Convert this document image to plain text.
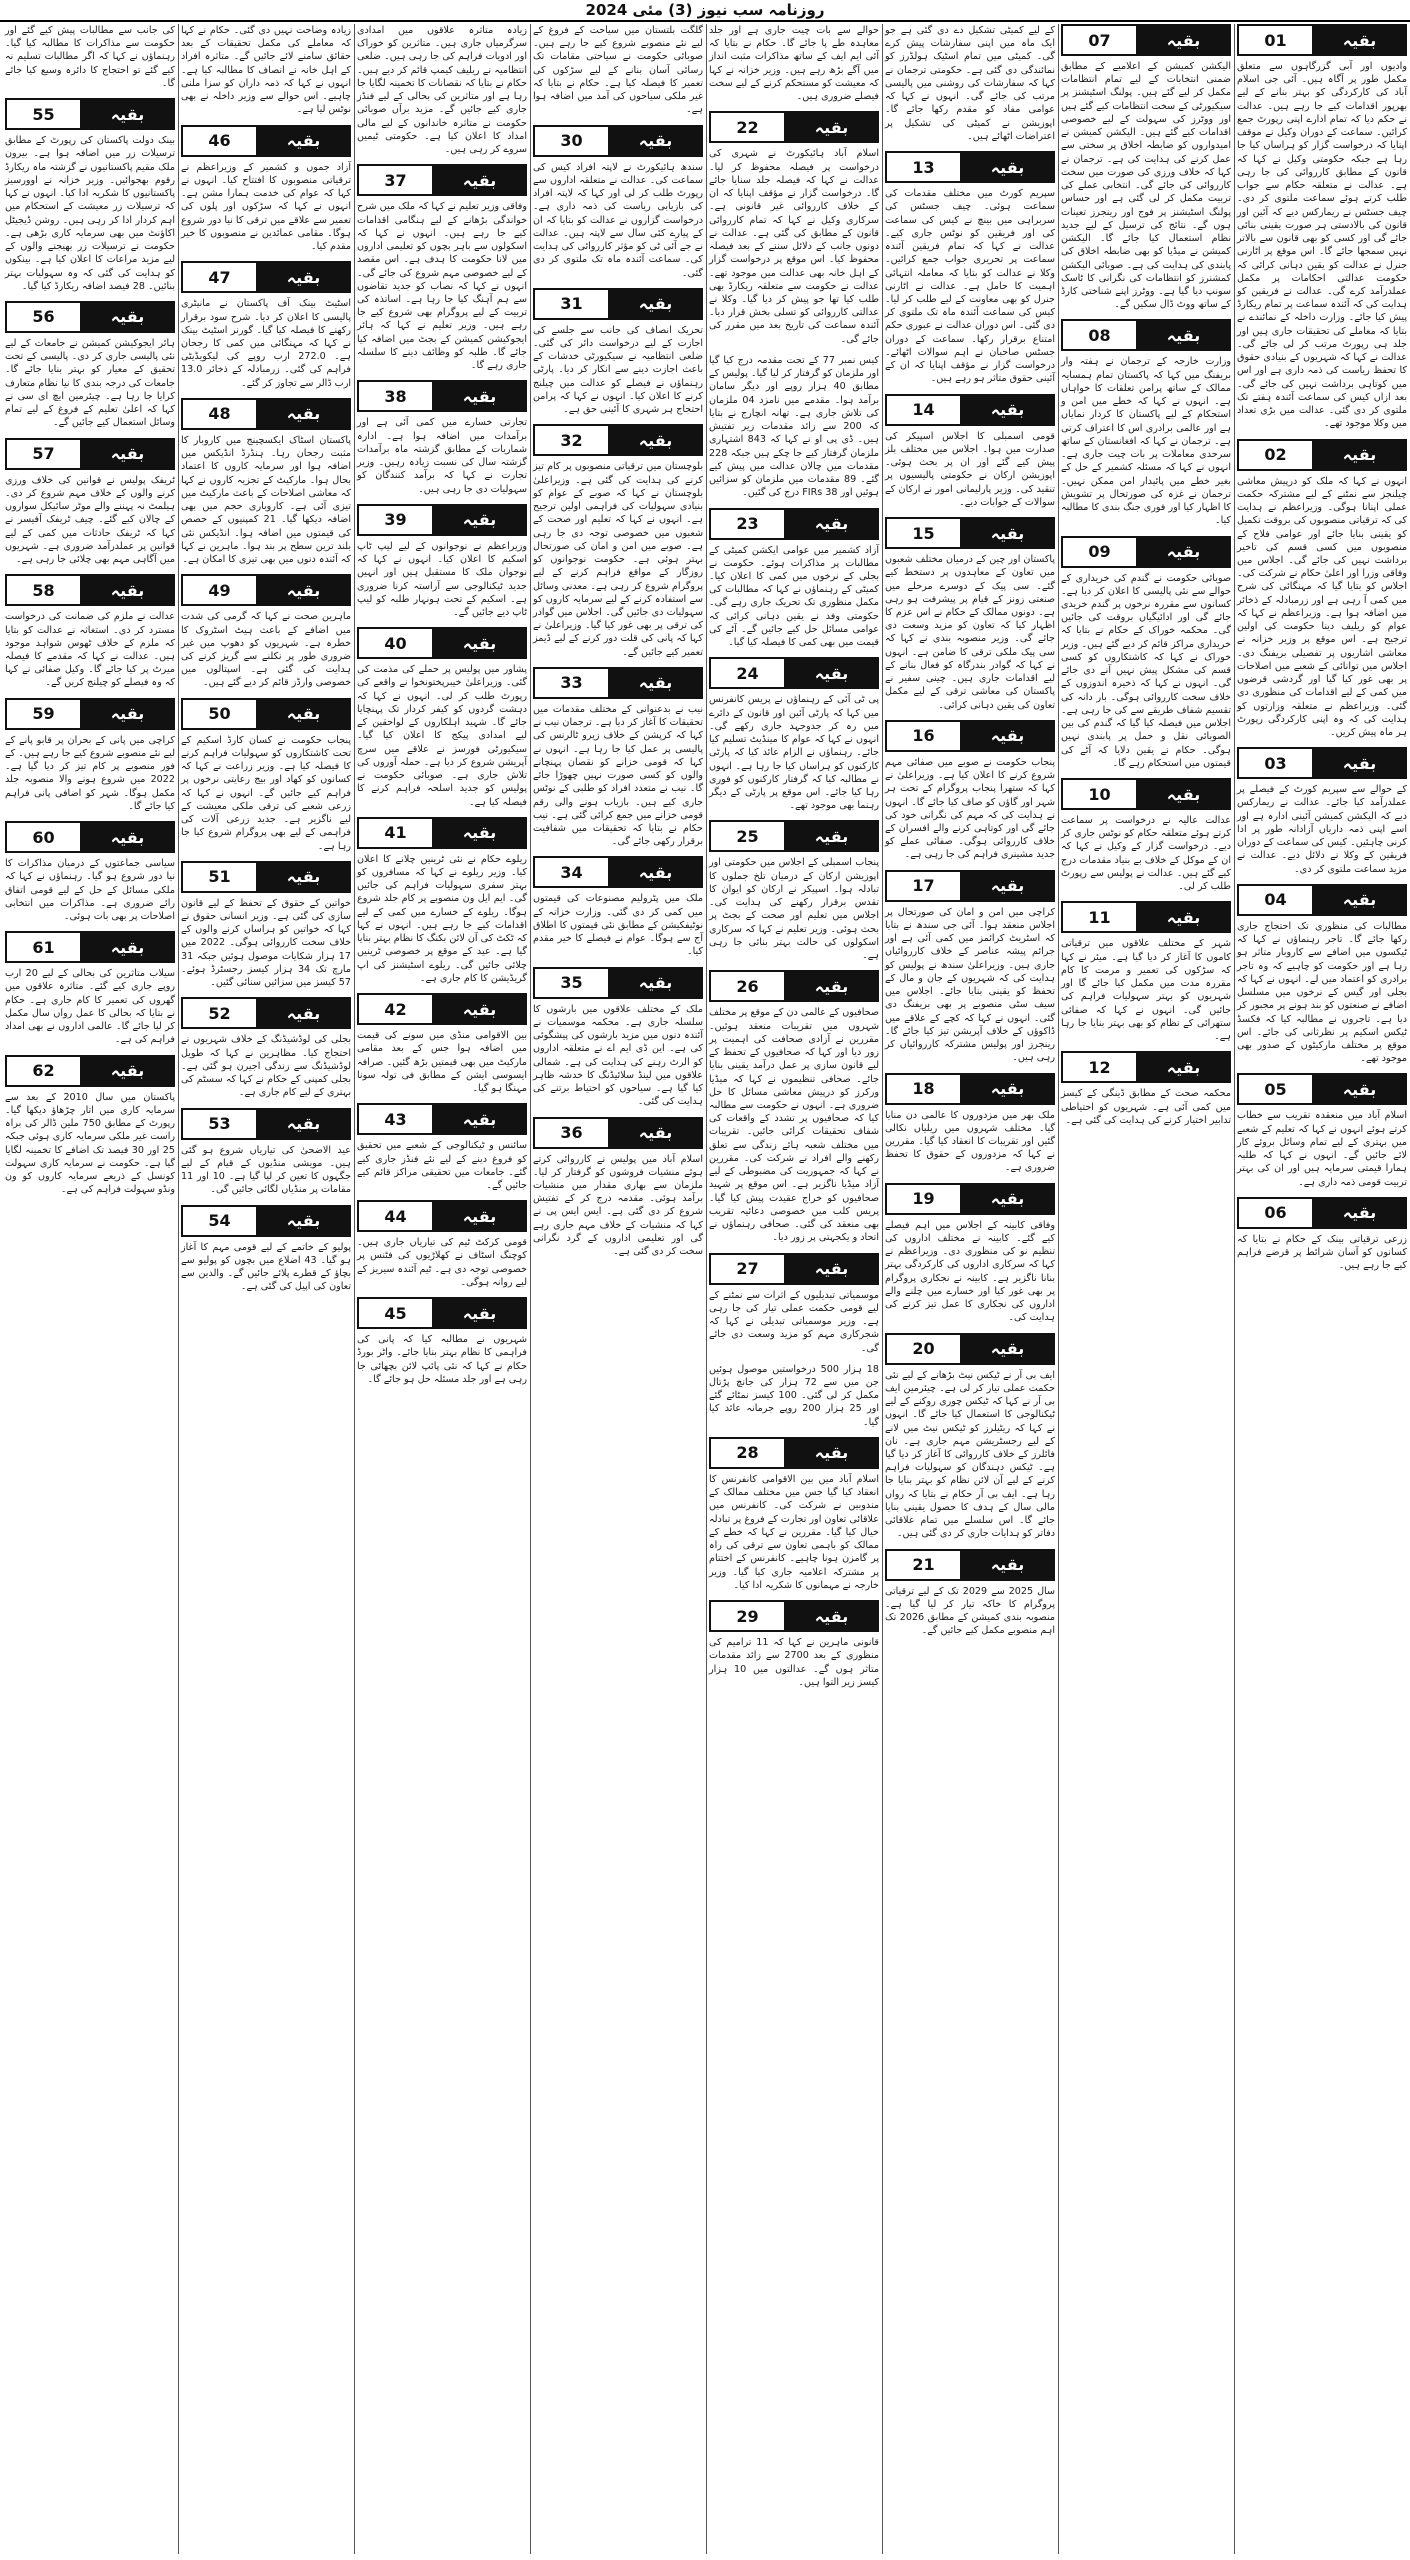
روزنامہ سب نیوز (3) مئی 2024
01	بقیہ
وادیوں اور آبی گزرگاہوں سے متعلق مکمل طور پر آگاہ ہیں۔ آئی جی اسلام آباد کی کارکردگی کو بہتر بنانے کے لیے بھرپور اقدامات کیے جا رہے ہیں۔ عدالت نے حکم دیا کہ تمام ادارے اپنی رپورٹ جمع کرائیں۔ سماعت کے دوران وکیل نے موقف اپنایا کہ درخواست گزار کو ہراساں کیا جا رہا ہے جبکہ حکومتی وکیل نے کہا کہ قانون کے مطابق کارروائی کی جا رہی ہے۔ عدالت نے متعلقہ حکام سے جواب طلب کرتے ہوئے سماعت ملتوی کر دی۔ چیف جسٹس نے ریمارکس دیے کہ آئین اور قانون کی بالادستی ہر صورت یقینی بنائی جائے گی اور کسی کو بھی قانون سے بالاتر نہیں سمجھا جائے گا۔ اس موقع پر اٹارنی جنرل نے عدالت کو یقین دہانی کرائی کہ حکومت عدالتی احکامات پر مکمل عملدرآمد کرے گی۔ عدالت نے فریقین کو ہدایت کی کہ آئندہ سماعت پر تمام ریکارڈ پیش کیا جائے۔ وزارت داخلہ کے نمائندے نے بتایا کہ معاملے کی تحقیقات جاری ہیں اور جلد ہی رپورٹ مرتب کر لی جائے گی۔ عدالت نے کہا کہ شہریوں کے بنیادی حقوق کا تحفظ ریاست کی ذمہ داری ہے اور اس میں کوتاہی برداشت نہیں کی جائے گی۔ بعد ازاں کیس کی سماعت آئندہ ہفتے تک ملتوی کر دی گئی۔ عدالت میں بڑی تعداد میں وکلا موجود تھے۔
02	بقیہ
انہوں نے کہا کہ ملک کو درپیش معاشی چیلنجز سے نمٹنے کے لیے مشترکہ حکمت عملی اپنانا ہوگی۔ وزیراعظم نے ہدایت کی کہ ترقیاتی منصوبوں کی بروقت تکمیل کو یقینی بنایا جائے اور عوامی فلاح کے منصوبوں میں کسی قسم کی تاخیر برداشت نہیں کی جائے گی۔ اجلاس میں وفاقی وزرا اور اعلیٰ حکام نے شرکت کی۔ اجلاس کو بتایا گیا کہ مہنگائی کی شرح میں کمی آ رہی ہے اور زرمبادلہ کے ذخائر میں اضافہ ہوا ہے۔ وزیراعظم نے کہا کہ عوام کو ریلیف دینا حکومت کی اولین ترجیح ہے۔ اس موقع پر وزیر خزانہ نے معاشی اشاریوں پر تفصیلی بریفنگ دی۔ اجلاس میں توانائی کے شعبے میں اصلاحات پر بھی غور کیا گیا اور گردشی قرضوں میں کمی کے لیے اقدامات کی منظوری دی گئی۔ وزیراعظم نے متعلقہ وزارتوں کو ہدایت کی کہ وہ اپنی کارکردگی رپورٹ ہر ماہ پیش کریں۔
03	بقیہ
کے حوالے سے سپریم کورٹ کے فیصلے پر عملدرآمد کیا جائے۔ عدالت نے ریمارکس دیے کہ الیکشن کمیشن آئینی ادارہ ہے اور اسے اپنی ذمہ داریاں آزادانہ طور پر ادا کرنی چاہئیں۔ کیس کی سماعت کے دوران فریقین کے وکلا نے دلائل دیے۔ عدالت نے مزید سماعت ملتوی کر دی۔
04	بقیہ
مطالبات کی منظوری تک احتجاج جاری رکھا جائے گا۔ تاجر رہنماؤں نے کہا کہ ٹیکسوں میں اضافے سے کاروبار متاثر ہو رہا ہے اور حکومت کو چاہیے کہ وہ تاجر برادری کو اعتماد میں لے۔ انہوں نے کہا کہ بجلی اور گیس کے نرخوں میں مسلسل اضافے نے صنعتوں کو بند ہونے پر مجبور کر دیا ہے۔ تاجروں نے مطالبہ کیا کہ فکسڈ ٹیکس اسکیم پر نظرثانی کی جائے۔ اس موقع پر مختلف مارکیٹوں کے صدور بھی موجود تھے۔
05	بقیہ
اسلام آباد میں منعقدہ تقریب سے خطاب کرتے ہوئے انہوں نے کہا کہ تعلیم کے شعبے میں بہتری کے لیے تمام وسائل بروئے کار لائے جائیں گے۔ انہوں نے کہا کہ طلبہ ہمارا قیمتی سرمایہ ہیں اور ان کی بہتر تربیت قومی ذمہ داری ہے۔
06	بقیہ
زرعی ترقیاتی بینک کے حکام نے بتایا کہ کسانوں کو آسان شرائط پر قرضے فراہم کیے جا رہے ہیں۔
07	بقیہ
الیکشن کمیشن کے اعلامیے کے مطابق ضمنی انتخابات کے لیے تمام انتظامات مکمل کر لیے گئے ہیں۔ پولنگ اسٹیشنز پر سیکیورٹی کے سخت انتظامات کیے گئے ہیں اور ووٹرز کی سہولت کے لیے خصوصی اقدامات کیے گئے ہیں۔ الیکشن کمیشن نے امیدواروں کو ضابطہ اخلاق پر سختی سے عمل کرنے کی ہدایت کی ہے۔ ترجمان نے کہا کہ خلاف ورزی کی صورت میں سخت کارروائی کی جائے گی۔ انتخابی عملے کی تربیت مکمل کر لی گئی ہے اور حساس پولنگ اسٹیشنز پر فوج اور رینجرز تعینات ہوں گے۔ نتائج کی ترسیل کے لیے جدید نظام استعمال کیا جائے گا۔ الیکشن کمیشن نے میڈیا کو بھی ضابطہ اخلاق کی پابندی کی ہدایت کی ہے۔ صوبائی الیکشن کمشنرز کو انتظامات کی نگرانی کا ٹاسک سونپ دیا گیا ہے۔ ووٹرز اپنے شناختی کارڈ کے ساتھ ووٹ ڈال سکیں گے۔
08	بقیہ
وزارت خارجہ کے ترجمان نے ہفتہ وار بریفنگ میں کہا کہ پاکستان تمام ہمسایہ ممالک کے ساتھ پرامن تعلقات کا خواہاں ہے۔ انہوں نے کہا کہ خطے میں امن و استحکام کے لیے پاکستان کا کردار نمایاں ہے اور عالمی برادری اس کا اعتراف کرتی ہے۔ ترجمان نے کہا کہ افغانستان کے ساتھ سرحدی معاملات پر بات چیت جاری ہے۔ انہوں نے کہا کہ مسئلہ کشمیر کے حل کے بغیر خطے میں پائیدار امن ممکن نہیں۔ ترجمان نے غزہ کی صورتحال پر تشویش کا اظہار کیا اور فوری جنگ بندی کا مطالبہ کیا۔
09	بقیہ
صوبائی حکومت نے گندم کی خریداری کے حوالے سے نئی پالیسی کا اعلان کر دیا ہے۔ کسانوں سے مقررہ نرخوں پر گندم خریدی جائے گی اور ادائیگیاں بروقت کی جائیں گی۔ محکمہ خوراک کے حکام نے بتایا کہ خریداری مراکز قائم کر دیے گئے ہیں۔ وزیر خوراک نے کہا کہ کاشتکاروں کو کسی قسم کی مشکل پیش نہیں آنے دی جائے گی۔ انہوں نے کہا کہ ذخیرہ اندوزوں کے خلاف سخت کارروائی ہوگی۔ بار دانہ کی تقسیم شفاف طریقے سے کی جا رہی ہے۔ اجلاس میں فیصلہ کیا گیا کہ گندم کی بین الصوبائی نقل و حمل پر پابندی نہیں ہوگی۔ حکام نے یقین دلایا کہ آٹے کی قیمتوں میں استحکام رہے گا۔
10	بقیہ
عدالت عالیہ نے درخواست پر سماعت کرتے ہوئے متعلقہ حکام کو نوٹس جاری کر دیے۔ درخواست گزار کے وکیل نے کہا کہ ان کے موکل کے خلاف بے بنیاد مقدمات درج کیے گئے ہیں۔ عدالت نے پولیس سے رپورٹ طلب کر لی۔
11	بقیہ
شہر کے مختلف علاقوں میں ترقیاتی کاموں کا آغاز کر دیا گیا ہے۔ میئر نے کہا کہ سڑکوں کی تعمیر و مرمت کا کام مقررہ مدت میں مکمل کیا جائے گا اور شہریوں کو بہتر سہولیات فراہم کی جائیں گی۔ انہوں نے کہا کہ صفائی ستھرائی کے نظام کو بھی بہتر بنایا جا رہا ہے۔
12	بقیہ
محکمہ صحت کے مطابق ڈینگی کے کیسز میں کمی آئی ہے۔ شہریوں کو احتیاطی تدابیر اختیار کرنے کی ہدایت کی گئی ہے۔
کے لیے کمیٹی تشکیل دے دی گئی ہے جو ایک ماہ میں اپنی سفارشات پیش کرے گی۔ کمیٹی میں تمام اسٹیک ہولڈرز کو نمائندگی دی گئی ہے۔ حکومتی ترجمان نے کہا کہ سفارشات کی روشنی میں پالیسی مرتب کی جائے گی۔ انہوں نے کہا کہ عوامی مفاد کو مقدم رکھا جائے گا۔ اپوزیشن نے کمیٹی کی تشکیل پر اعتراضات اٹھائے ہیں۔
13	بقیہ
سپریم کورٹ میں مختلف مقدمات کی سماعت ہوئی۔ چیف جسٹس کی سربراہی میں بینچ نے کیس کی سماعت کی اور فریقین کو نوٹس جاری کیے۔ عدالت نے کہا کہ تمام فریقین آئندہ سماعت پر تحریری جواب جمع کرائیں۔ وکلا نے عدالت کو بتایا کہ معاملہ انتہائی اہمیت کا حامل ہے۔ عدالت نے اٹارنی جنرل کو بھی معاونت کے لیے طلب کر لیا۔ کیس کی سماعت آئندہ ماہ تک ملتوی کر دی گئی۔ اس دوران عدالت نے عبوری حکم امتناع برقرار رکھا۔ سماعت کے دوران جسٹس صاحبان نے اہم سوالات اٹھائے۔ درخواست گزار نے مؤقف اپنایا کہ ان کے آئینی حقوق متاثر ہو رہے ہیں۔
14	بقیہ
قومی اسمبلی کا اجلاس اسپیکر کی صدارت میں ہوا۔ اجلاس میں مختلف بلز پیش کیے گئے اور ان پر بحث ہوئی۔ اپوزیشن ارکان نے حکومتی پالیسیوں پر تنقید کی۔ وزیر پارلیمانی امور نے ارکان کے سوالات کے جوابات دیے۔
15	بقیہ
پاکستان اور چین کے درمیان مختلف شعبوں میں تعاون کے معاہدوں پر دستخط کیے گئے۔ سی پیک کے دوسرے مرحلے میں صنعتی زونز کے قیام پر پیشرفت ہو رہی ہے۔ دونوں ممالک کے حکام نے اس عزم کا اظہار کیا کہ تعاون کو مزید وسعت دی جائے گی۔ وزیر منصوبہ بندی نے کہا کہ سی پیک ملکی ترقی کا ضامن ہے۔ انہوں نے کہا کہ گوادر بندرگاہ کو فعال بنانے کے لیے اقدامات جاری ہیں۔ چینی سفیر نے پاکستان کی معاشی ترقی کے لیے مکمل تعاون کی یقین دہانی کرائی۔
16	بقیہ
پنجاب حکومت نے صوبے میں صفائی مہم شروع کرنے کا اعلان کیا ہے۔ وزیراعلیٰ نے کہا کہ ستھرا پنجاب پروگرام کے تحت ہر شہر اور گاؤں کو صاف کیا جائے گا۔ انہوں نے ہدایت کی کہ مہم کی نگرانی خود کی جائے گی اور کوتاہی کرنے والے افسران کے خلاف کارروائی ہوگی۔ صفائی عملے کو جدید مشینری فراہم کی جا رہی ہے۔
17	بقیہ
کراچی میں امن و امان کی صورتحال پر اجلاس منعقد ہوا۔ آئی جی سندھ نے بتایا کہ اسٹریٹ کرائمز میں کمی آئی ہے اور جرائم پیشہ عناصر کے خلاف کارروائیاں جاری ہیں۔ وزیراعلیٰ سندھ نے پولیس کو ہدایت کی کہ شہریوں کے جان و مال کے تحفظ کو یقینی بنایا جائے۔ اجلاس میں سیف سٹی منصوبے پر بھی بریفنگ دی گئی۔ انہوں نے کہا کہ کچے کے علاقے میں ڈاکوؤں کے خلاف آپریشن تیز کیا جائے گا۔ رینجرز اور پولیس مشترکہ کارروائیاں کر رہی ہیں۔
18	بقیہ
ملک بھر میں مزدوروں کا عالمی دن منایا گیا۔ مختلف شہروں میں ریلیاں نکالی گئیں اور تقریبات کا انعقاد کیا گیا۔ مقررین نے کہا کہ مزدوروں کے حقوق کا تحفظ ضروری ہے۔
19	بقیہ
وفاقی کابینہ کے اجلاس میں اہم فیصلے کیے گئے۔ کابینہ نے مختلف اداروں کی تنظیم نو کی منظوری دی۔ وزیراعظم نے کہا کہ سرکاری اداروں کی کارکردگی بہتر بنانا ناگزیر ہے۔ کابینہ نے نجکاری پروگرام پر بھی غور کیا اور خسارے میں چلنے والے اداروں کی نجکاری کا عمل تیز کرنے کی ہدایت کی۔
20	بقیہ
ایف بی آر نے ٹیکس نیٹ بڑھانے کے لیے نئی حکمت عملی تیار کر لی ہے۔ چیئرمین ایف بی آر نے کہا کہ ٹیکس چوری روکنے کے لیے ٹیکنالوجی کا استعمال کیا جائے گا۔ انہوں نے کہا کہ ریٹیلرز کو ٹیکس نیٹ میں لانے کے لیے رجسٹریشن مہم جاری ہے۔ نان فائلرز کے خلاف کارروائی کا آغاز کر دیا گیا ہے۔ ٹیکس دہندگان کو سہولیات فراہم کرنے کے لیے آن لائن نظام کو بہتر بنایا جا رہا ہے۔ ایف بی آر حکام نے بتایا کہ رواں مالی سال کے ہدف کا حصول یقینی بنایا جائے گا۔ اس سلسلے میں تمام علاقائی دفاتر کو ہدایات جاری کر دی گئی ہیں۔
21	بقیہ
سال 2025 سے 2029 تک کے لیے ترقیاتی پروگرام کا خاکہ تیار کر لیا گیا ہے۔ منصوبہ بندی کمیشن کے مطابق 2026 تک اہم منصوبے مکمل کیے جائیں گے۔
حوالے سے بات چیت جاری ہے اور جلد معاہدہ طے پا جائے گا۔ حکام نے بتایا کہ آئی ایم ایف کے ساتھ مذاکرات مثبت انداز میں آگے بڑھ رہے ہیں۔ وزیر خزانہ نے کہا کہ معیشت کو مستحکم کرنے کے لیے سخت فیصلے ضروری ہیں۔
22	بقیہ
اسلام آباد ہائیکورٹ نے شہری کی درخواست پر فیصلہ محفوظ کر لیا۔ عدالت نے کہا کہ فیصلہ جلد سنایا جائے گا۔ درخواست گزار نے مؤقف اپنایا کہ ان کے خلاف کارروائی غیر قانونی ہے۔ سرکاری وکیل نے کہا کہ تمام کارروائی قانون کے مطابق کی گئی ہے۔ عدالت نے دونوں جانب کے دلائل سننے کے بعد فیصلہ محفوظ کیا۔ اس موقع پر درخواست گزار کے اہل خانہ بھی عدالت میں موجود تھے۔ عدالت نے حکومت سے متعلقہ ریکارڈ بھی طلب کیا تھا جو پیش کر دیا گیا۔ وکلا نے عدالتی کارروائی کو تسلی بخش قرار دیا۔ آئندہ سماعت کی تاریخ بعد میں مقرر کی جائے گی۔
کیس نمبر 77 کے تحت مقدمہ درج کیا گیا اور ملزمان کو گرفتار کر لیا گیا۔ پولیس کے مطابق 40 ہزار روپے اور دیگر سامان برآمد ہوا۔ مقدمے میں نامزد 04 ملزمان کی تلاش جاری ہے۔ تھانہ انچارج نے بتایا کہ 200 سے زائد مقدمات زیر تفتیش ہیں۔ ڈی پی او نے کہا کہ 843 اشتہاری ملزمان گرفتار کیے جا چکے ہیں جبکہ 228 مقدمات میں چالان عدالت میں پیش کیے گئے۔ 89 مقدمات میں ملزمان کو سزائیں ہوئیں اور 38 FIRs درج کی گئیں۔
23	بقیہ
آزاد کشمیر میں عوامی ایکشن کمیٹی کے مطالبات پر مذاکرات ہوئے۔ حکومت نے بجلی کے نرخوں میں کمی کا اعلان کیا۔ کمیٹی کے رہنماؤں نے کہا کہ مطالبات کی مکمل منظوری تک تحریک جاری رہے گی۔ حکومتی وفد نے یقین دہانی کرائی کہ عوامی مسائل حل کیے جائیں گے۔ آٹے کی قیمت میں بھی کمی کا فیصلہ کیا گیا۔
24	بقیہ
پی ٹی آئی کے رہنماؤں نے پریس کانفرنس میں کہا کہ پارٹی آئین اور قانون کے دائرے میں رہ کر جدوجہد جاری رکھے گی۔ انہوں نے کہا کہ عوام کا مینڈیٹ تسلیم کیا جائے۔ رہنماؤں نے الزام عائد کیا کہ پارٹی کارکنوں کو ہراساں کیا جا رہا ہے۔ انہوں نے مطالبہ کیا کہ گرفتار کارکنوں کو فوری رہا کیا جائے۔ اس موقع پر پارٹی کے دیگر رہنما بھی موجود تھے۔
25	بقیہ
پنجاب اسمبلی کے اجلاس میں حکومتی اور اپوزیشن ارکان کے درمیان تلخ جملوں کا تبادلہ ہوا۔ اسپیکر نے ارکان کو ایوان کا تقدس برقرار رکھنے کی ہدایت کی۔ اجلاس میں تعلیم اور صحت کے بجٹ پر بحث ہوئی۔ وزیر تعلیم نے کہا کہ سرکاری اسکولوں کی حالت بہتر بنائی جا رہی ہے۔
26	بقیہ
صحافیوں کے عالمی دن کے موقع پر مختلف شہروں میں تقریبات منعقد ہوئیں۔ مقررین نے آزادی صحافت کی اہمیت پر زور دیا اور کہا کہ صحافیوں کے تحفظ کے لیے قانون سازی پر عمل درآمد یقینی بنایا جائے۔ صحافی تنظیموں نے کہا کہ میڈیا ورکرز کو درپیش معاشی مسائل کا حل ضروری ہے۔ انہوں نے حکومت سے مطالبہ کیا کہ صحافیوں پر تشدد کے واقعات کی شفاف تحقیقات کرائی جائیں۔ تقریبات میں مختلف شعبہ ہائے زندگی سے تعلق رکھنے والے افراد نے شرکت کی۔ مقررین نے کہا کہ جمہوریت کی مضبوطی کے لیے آزاد میڈیا ناگزیر ہے۔ اس موقع پر شہید صحافیوں کو خراج عقیدت پیش کیا گیا۔ پریس کلب میں خصوصی دعائیہ تقریب بھی منعقد کی گئی۔ صحافی رہنماؤں نے اتحاد و یکجہتی پر زور دیا۔
27	بقیہ
موسمیاتی تبدیلیوں کے اثرات سے نمٹنے کے لیے قومی حکمت عملی تیار کی جا رہی ہے۔ وزیر موسمیاتی تبدیلی نے کہا کہ شجرکاری مہم کو مزید وسعت دی جائے گی۔
18 ہزار 500 درخواستیں موصول ہوئیں جن میں سے 72 ہزار کی جانچ پڑتال مکمل کر لی گئی۔ 100 کیسز نمٹائے گئے اور 25 ہزار 200 روپے جرمانہ عائد کیا گیا۔
28	بقیہ
اسلام آباد میں بین الاقوامی کانفرنس کا انعقاد کیا گیا جس میں مختلف ممالک کے مندوبین نے شرکت کی۔ کانفرنس میں علاقائی تعاون اور تجارت کے فروغ پر تبادلہ خیال کیا گیا۔ مقررین نے کہا کہ خطے کے ممالک کو باہمی تعاون سے ترقی کی راہ پر گامزن ہونا چاہیے۔ کانفرنس کے اختتام پر مشترکہ اعلامیہ جاری کیا گیا۔ وزیر خارجہ نے مہمانوں کا شکریہ ادا کیا۔
29	بقیہ
قانونی ماہرین نے کہا کہ 11 ترامیم کی منظوری کے بعد 2700 سے زائد مقدمات متاثر ہوں گے۔ عدالتوں میں 10 ہزار کیسز زیر التوا ہیں۔
گلگت بلتستان میں سیاحت کے فروغ کے لیے نئے منصوبے شروع کیے جا رہے ہیں۔ صوبائی حکومت نے سیاحتی مقامات تک رسائی آسان بنانے کے لیے سڑکوں کی تعمیر کا فیصلہ کیا ہے۔ حکام نے بتایا کہ غیر ملکی سیاحوں کی آمد میں اضافہ ہوا ہے۔
30	بقیہ
سندھ ہائیکورٹ نے لاپتہ افراد کیس کی سماعت کی۔ عدالت نے متعلقہ اداروں سے رپورٹ طلب کر لی اور کہا کہ لاپتہ افراد کی بازیابی ریاست کی ذمہ داری ہے۔ درخواست گزاروں نے عدالت کو بتایا کہ ان کے پیارے کئی سال سے لاپتہ ہیں۔ عدالت نے جے آئی ٹی کو مؤثر کارروائی کی ہدایت کی۔ سماعت آئندہ ماہ تک ملتوی کر دی گئی۔
31	بقیہ
تحریک انصاف کی جانب سے جلسے کی اجازت کے لیے درخواست دائر کی گئی۔ ضلعی انتظامیہ نے سیکیورٹی خدشات کے باعث اجازت دینے سے انکار کر دیا۔ پارٹی رہنماؤں نے فیصلے کو عدالت میں چیلنج کرنے کا اعلان کیا۔ انہوں نے کہا کہ پرامن احتجاج ہر شہری کا آئینی حق ہے۔
32	بقیہ
بلوچستان میں ترقیاتی منصوبوں پر کام تیز کرنے کی ہدایت کی گئی ہے۔ وزیراعلیٰ بلوچستان نے کہا کہ صوبے کے عوام کو بنیادی سہولیات کی فراہمی اولین ترجیح ہے۔ انہوں نے کہا کہ تعلیم اور صحت کے شعبوں میں خصوصی توجہ دی جا رہی ہے۔ صوبے میں امن و امان کی صورتحال بہتر ہوئی ہے۔ حکومت نوجوانوں کو روزگار کے مواقع فراہم کرنے کے لیے پروگرام شروع کر رہی ہے۔ معدنی وسائل سے استفادہ کرنے کے لیے سرمایہ کاروں کو سہولیات دی جائیں گی۔ اجلاس میں گوادر کی ترقی پر بھی غور کیا گیا۔ وزیراعلیٰ نے کہا کہ پانی کی قلت دور کرنے کے لیے ڈیمز تعمیر کیے جائیں گے۔
33	بقیہ
نیب نے بدعنوانی کے مختلف مقدمات میں تحقیقات کا آغاز کر دیا ہے۔ ترجمان نیب نے کہا کہ کرپشن کے خلاف زیرو ٹالرنس کی پالیسی پر عمل کیا جا رہا ہے۔ انہوں نے کہا کہ قومی خزانے کو نقصان پہنچانے والوں کو کسی صورت نہیں چھوڑا جائے گا۔ نیب نے متعدد افراد کو طلبی کے نوٹس جاری کیے ہیں۔ بازیاب ہونے والی رقم قومی خزانے میں جمع کرائی گئی ہے۔ نیب حکام نے بتایا کہ تحقیقات میں شفافیت برقرار رکھی جائے گی۔
34	بقیہ
ملک میں پٹرولیم مصنوعات کی قیمتوں میں کمی کر دی گئی۔ وزارت خزانہ کے نوٹیفکیشن کے مطابق نئی قیمتوں کا اطلاق آج سے ہوگا۔ عوام نے فیصلے کا خیر مقدم کیا۔
35	بقیہ
ملک کے مختلف علاقوں میں بارشوں کا سلسلہ جاری ہے۔ محکمہ موسمیات نے آئندہ دنوں میں مزید بارشوں کی پیشگوئی کی ہے۔ این ڈی ایم اے نے متعلقہ اداروں کو الرٹ رہنے کی ہدایت کی ہے۔ شمالی علاقوں میں لینڈ سلائیڈنگ کا خدشہ ظاہر کیا گیا ہے۔ سیاحوں کو احتیاط برتنے کی ہدایت کی گئی۔
36	بقیہ
اسلام آباد میں پولیس نے کارروائی کرتے ہوئے منشیات فروشوں کو گرفتار کر لیا۔ ملزمان سے بھاری مقدار میں منشیات برآمد ہوئی۔ مقدمہ درج کر کے تفتیش شروع کر دی گئی ہے۔ ایس ایس پی نے کہا کہ منشیات کے خلاف مہم جاری رہے گی اور تعلیمی اداروں کے گرد نگرانی سخت کر دی گئی ہے۔
زیادہ متاثرہ علاقوں میں امدادی سرگرمیاں جاری ہیں۔ متاثرین کو خوراک اور ادویات فراہم کی جا رہی ہیں۔ ضلعی انتظامیہ نے ریلیف کیمپ قائم کر دیے ہیں۔ حکام نے بتایا کہ نقصانات کا تخمینہ لگایا جا رہا ہے اور متاثرین کی بحالی کے لیے فنڈز جاری کیے جائیں گے۔ مزید برآں صوبائی حکومت نے متاثرہ خاندانوں کے لیے مالی امداد کا اعلان کیا ہے۔ حکومتی ٹیمیں سروے کر رہی ہیں۔
37	بقیہ
وفاقی وزیر تعلیم نے کہا کہ ملک میں شرح خواندگی بڑھانے کے لیے ہنگامی اقدامات کیے جا رہے ہیں۔ انہوں نے کہا کہ اسکولوں سے باہر بچوں کو تعلیمی اداروں میں لانا حکومت کا ہدف ہے۔ اس مقصد کے لیے خصوصی مہم شروع کی جائے گی۔ انہوں نے کہا کہ نصاب کو جدید تقاضوں سے ہم آہنگ کیا جا رہا ہے۔ اساتذہ کی تربیت کے لیے پروگرام بھی شروع کیے جا رہے ہیں۔ وزیر تعلیم نے کہا کہ ہائر ایجوکیشن کمیشن کے بجٹ میں اضافہ کیا جائے گا۔ طلبہ کو وظائف دینے کا سلسلہ جاری رہے گا۔
38	بقیہ
تجارتی خسارے میں کمی آئی ہے اور برآمدات میں اضافہ ہوا ہے۔ ادارہ شماریات کے مطابق گزشتہ ماہ برآمدات گزشتہ سال کی نسبت زیادہ رہیں۔ وزیر تجارت نے کہا کہ برآمد کنندگان کو سہولیات دی جا رہی ہیں۔
39	بقیہ
وزیراعظم نے نوجوانوں کے لیے لیپ ٹاپ اسکیم کا اعلان کیا۔ انہوں نے کہا کہ نوجوان ملک کا مستقبل ہیں اور انہیں جدید ٹیکنالوجی سے آراستہ کرنا ضروری ہے۔ اسکیم کے تحت ہونہار طلبہ کو لیپ ٹاپ دیے جائیں گے۔
40	بقیہ
پشاور میں پولیس پر حملے کی مذمت کی گئی۔ وزیراعلیٰ خیبرپختونخوا نے واقعے کی رپورٹ طلب کر لی۔ انہوں نے کہا کہ دہشت گردوں کو کیفر کردار تک پہنچایا جائے گا۔ شہید اہلکاروں کے لواحقین کے لیے امدادی پیکج کا اعلان کیا گیا۔ سیکیورٹی فورسز نے علاقے میں سرچ آپریشن شروع کر دیا ہے۔ حملہ آوروں کی تلاش جاری ہے۔ صوبائی حکومت نے پولیس کو جدید اسلحہ فراہم کرنے کا فیصلہ کیا ہے۔
41	بقیہ
ریلوے حکام نے نئی ٹرینیں چلانے کا اعلان کیا۔ وزیر ریلوے نے کہا کہ مسافروں کو بہتر سفری سہولیات فراہم کی جائیں گی۔ ایم ایل ون منصوبے پر کام جلد شروع ہوگا۔ ریلوے کے خسارے میں کمی کے لیے اقدامات کیے جا رہے ہیں۔ انہوں نے کہا کہ ٹکٹ کی آن لائن بکنگ کا نظام بہتر بنایا گیا ہے۔ عید کے موقع پر خصوصی ٹرینیں چلائی جائیں گی۔ ریلوے اسٹیشنز کی اپ گریڈیشن کا کام جاری ہے۔
42	بقیہ
بین الاقوامی منڈی میں سونے کی قیمت میں اضافہ ہوا جس کے بعد مقامی مارکیٹ میں بھی قیمتیں بڑھ گئیں۔ صرافہ ایسوسی ایشن کے مطابق فی تولہ سونا مہنگا ہو گیا۔
43	بقیہ
سائنس و ٹیکنالوجی کے شعبے میں تحقیق کو فروغ دینے کے لیے نئے فنڈز جاری کیے گئے۔ جامعات میں تحقیقی مراکز قائم کیے جائیں گے۔
44	بقیہ
قومی کرکٹ ٹیم کی تیاریاں جاری ہیں۔ کوچنگ اسٹاف نے کھلاڑیوں کی فٹنس پر خصوصی توجہ دی ہے۔ ٹیم آئندہ سیریز کے لیے روانہ ہوگی۔
45	بقیہ
شہریوں نے مطالبہ کیا کہ پانی کی فراہمی کا نظام بہتر بنایا جائے۔ واٹر بورڈ حکام نے کہا کہ نئی پائپ لائن بچھائی جا رہی ہے اور جلد مسئلہ حل ہو جائے گا۔
زیادہ وضاحت نہیں دی گئی۔ حکام نے کہا کہ معاملے کی مکمل تحقیقات کے بعد حقائق سامنے لائے جائیں گے۔ متاثرہ افراد کے اہل خانہ نے انصاف کا مطالبہ کیا ہے۔ انہوں نے کہا کہ ذمہ داران کو سزا ملنی چاہیے۔ اس حوالے سے وزیر داخلہ نے بھی نوٹس لیا ہے۔
46	بقیہ
آزاد جموں و کشمیر کے وزیراعظم نے ترقیاتی منصوبوں کا افتتاح کیا۔ انہوں نے کہا کہ عوام کی خدمت ہمارا مشن ہے۔ انہوں نے کہا کہ سڑکوں اور پلوں کی تعمیر سے علاقے میں ترقی کا نیا دور شروع ہوگا۔ مقامی عمائدین نے منصوبوں کا خیر مقدم کیا۔
47	بقیہ
اسٹیٹ بینک آف پاکستان نے مانیٹری پالیسی کا اعلان کر دیا۔ شرح سود برقرار رکھنے کا فیصلہ کیا گیا۔ گورنر اسٹیٹ بینک نے کہا کہ مہنگائی میں کمی کا رجحان ہے۔ 272.0 ارب روپے کی لیکویڈیٹی فراہم کی گئی۔ زرمبادلہ کے ذخائر 13.0 ارب ڈالر سے تجاوز کر گئے۔
48	بقیہ
پاکستان اسٹاک ایکسچینج میں کاروبار کا مثبت رجحان رہا۔ ہنڈرڈ انڈیکس میں اضافہ ہوا اور سرمایہ کاروں کا اعتماد بحال ہوا۔ مارکیٹ کے تجزیہ کاروں نے کہا کہ معاشی اصلاحات کے باعث مارکیٹ میں تیزی آئی ہے۔ کاروباری حجم میں بھی اضافہ دیکھا گیا۔ 21 کمپنیوں کے حصص کی قیمتوں میں اضافہ ہوا۔ انڈیکس نئی بلند ترین سطح پر بند ہوا۔ ماہرین نے کہا کہ آئندہ دنوں میں بھی تیزی کا امکان ہے۔
49	بقیہ
ماہرین صحت نے کہا کہ گرمی کی شدت میں اضافے کے باعث ہیٹ اسٹروک کا خطرہ ہے۔ شہریوں کو دھوپ میں غیر ضروری طور پر نکلنے سے گریز کرنے کی ہدایت کی گئی ہے۔ اسپتالوں میں خصوصی وارڈز قائم کر دیے گئے ہیں۔
50	بقیہ
پنجاب حکومت نے کسان کارڈ اسکیم کے تحت کاشتکاروں کو سہولیات فراہم کرنے کا فیصلہ کیا ہے۔ وزیر زراعت نے کہا کہ کسانوں کو کھاد اور بیج رعایتی نرخوں پر فراہم کیے جائیں گے۔ انہوں نے کہا کہ زرعی شعبے کی ترقی ملکی معیشت کے لیے ناگزیر ہے۔ جدید زرعی آلات کی فراہمی کے لیے بھی پروگرام شروع کیا جا رہا ہے۔
51	بقیہ
خواتین کے حقوق کے تحفظ کے لیے قانون سازی کی گئی ہے۔ وزیر انسانی حقوق نے کہا کہ خواتین کو ہراساں کرنے والوں کے خلاف سخت کارروائی ہوگی۔ 2022 میں 17 ہزار شکایات موصول ہوئیں جبکہ 31 مارچ تک 34 ہزار کیسز رجسٹرڈ ہوئے۔ 57 کیسز میں سزائیں سنائی گئیں۔
52	بقیہ
بجلی کی لوڈشیڈنگ کے خلاف شہریوں نے احتجاج کیا۔ مظاہرین نے کہا کہ طویل لوڈشیڈنگ سے زندگی اجیرن ہو گئی ہے۔ بجلی کمپنی کے حکام نے کہا کہ سسٹم کی بہتری کے لیے کام جاری ہے۔
53	بقیہ
عید الاضحیٰ کی تیاریاں شروع ہو گئی ہیں۔ مویشی منڈیوں کے قیام کے لیے جگہوں کا تعین کر لیا گیا ہے۔ 10 اور 11 مقامات پر منڈیاں لگائی جائیں گی۔
54	بقیہ
پولیو کے خاتمے کے لیے قومی مہم کا آغاز ہو گیا۔ 43 اضلاع میں بچوں کو پولیو سے بچاؤ کے قطرے پلائے جائیں گے۔ والدین سے تعاون کی اپیل کی گئی ہے۔
کی جانب سے مطالبات پیش کیے گئے اور حکومت سے مذاکرات کا مطالبہ کیا گیا۔ رہنماؤں نے کہا کہ اگر مطالبات تسلیم نہ کیے گئے تو احتجاج کا دائرہ وسیع کیا جائے گا۔
55	بقیہ
بینک دولت پاکستان کی رپورٹ کے مطابق ترسیلات زر میں اضافہ ہوا ہے۔ بیرون ملک مقیم پاکستانیوں نے گزشتہ ماہ ریکارڈ رقوم بھجوائیں۔ وزیر خزانہ نے اوورسیز پاکستانیوں کا شکریہ ادا کیا۔ انہوں نے کہا کہ ترسیلات زر معیشت کے استحکام میں اہم کردار ادا کر رہی ہیں۔ روشن ڈیجیٹل اکاؤنٹ میں بھی سرمایہ کاری بڑھی ہے۔ حکومت نے ترسیلات زر بھیجنے والوں کے لیے مزید مراعات کا اعلان کیا ہے۔ بینکوں کو ہدایت کی گئی کہ وہ سہولیات بہتر بنائیں۔ 28 فیصد اضافہ ریکارڈ کیا گیا۔
56	بقیہ
ہائر ایجوکیشن کمیشن نے جامعات کے لیے نئی پالیسی جاری کر دی۔ پالیسی کے تحت تحقیق کے معیار کو بہتر بنایا جائے گا۔ جامعات کی درجہ بندی کا نیا نظام متعارف کرایا جا رہا ہے۔ چیئرمین ایچ ای سی نے کہا کہ اعلیٰ تعلیم کے فروغ کے لیے تمام وسائل استعمال کیے جائیں گے۔
57	بقیہ
ٹریفک پولیس نے قوانین کی خلاف ورزی کرنے والوں کے خلاف مہم شروع کر دی۔ ہیلمٹ نہ پہننے والے موٹر سائیکل سواروں کے چالان کیے گئے۔ چیف ٹریفک آفیسر نے کہا کہ ٹریفک حادثات میں کمی کے لیے قوانین پر عملدرآمد ضروری ہے۔ شہریوں میں آگاہی مہم بھی چلائی جا رہی ہے۔
58	بقیہ
عدالت نے ملزم کی ضمانت کی درخواست مسترد کر دی۔ استغاثہ نے عدالت کو بتایا کہ ملزم کے خلاف ٹھوس شواہد موجود ہیں۔ عدالت نے کہا کہ مقدمے کا فیصلہ میرٹ پر کیا جائے گا۔ وکیل صفائی نے کہا کہ وہ فیصلے کو چیلنج کریں گے۔
59	بقیہ
کراچی میں پانی کے بحران پر قابو پانے کے لیے نئے منصوبے شروع کیے جا رہے ہیں۔ کے فور منصوبے پر کام تیز کر دیا گیا ہے۔ 2022 میں شروع ہونے والا منصوبہ جلد مکمل ہوگا۔ شہر کو اضافی پانی فراہم کیا جائے گا۔
60	بقیہ
سیاسی جماعتوں کے درمیان مذاکرات کا نیا دور شروع ہو گیا۔ رہنماؤں نے کہا کہ ملکی مسائل کے حل کے لیے قومی اتفاق رائے ضروری ہے۔ مذاکرات میں انتخابی اصلاحات پر بھی بات ہوئی۔
61	بقیہ
سیلاب متاثرین کی بحالی کے لیے 20 ارب روپے جاری کیے گئے۔ متاثرہ علاقوں میں گھروں کی تعمیر کا کام جاری ہے۔ حکام نے بتایا کہ بحالی کا عمل رواں سال مکمل کر لیا جائے گا۔ عالمی اداروں نے بھی امداد فراہم کی ہے۔
62	بقیہ
پاکستان میں سال 2010 کے بعد سے سرمایہ کاری میں اتار چڑھاؤ دیکھا گیا۔ رپورٹ کے مطابق 750 ملین ڈالر کی براہ راست غیر ملکی سرمایہ کاری ہوئی جبکہ 25 اور 30 فیصد تک اضافے کا تخمینہ لگایا گیا ہے۔ حکومت نے سرمایہ کاری سہولت کونسل کے ذریعے سرمایہ کاروں کو ون ونڈو سہولت فراہم کی ہے۔
